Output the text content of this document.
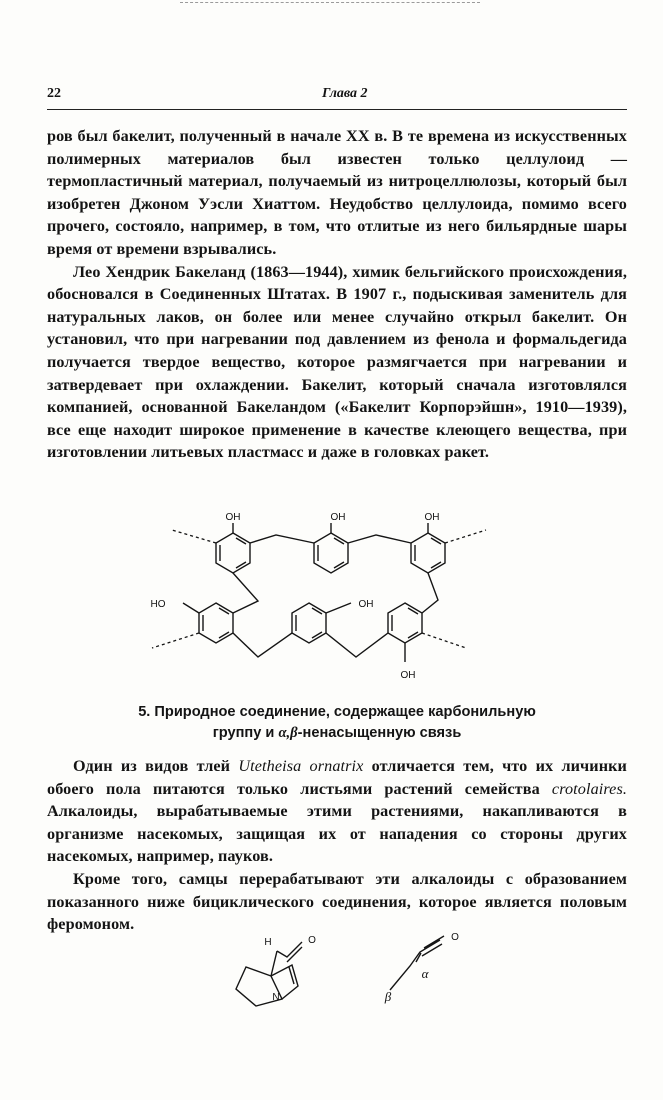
22	Глава 2

ров был бакелит, полученный в начале XX в. В те времена из искусственных полимерных материалов был известен только целлулоид — термопластичный материал, получаемый из нитроцеллюлозы, который был изобретен Джоном Уэсли Хиаттом. Неудобство целлулоида, помимо всего прочего, состояло, например, в том, что отлитые из него бильярдные шары время от времени взрывались.

Лео Хендрик Бакеланд (1863—1944), химик бельгийского происхождения, обосновался в Соединенных Штатах. В 1907 г., подыскивая заменитель для натуральных лаков, он более или менее случайно открыл бакелит. Он установил, что при нагревании под давлением из фенола и формальдегида получается твердое вещество, которое размягчается при нагревании и затвердевает при охлаждении. Бакелит, который сначала изготовлялся компанией, основанной Бакеландом («Бакелит Корпорэйшн», 1910—1939), все еще находит широкое применение в качестве клеющего вещества, при изготовлении литьевых пластмасс и даже в головках ракет.

OH	OH	OH
HO	OH
OH
5. Природное соединение, содержащее карбонильную
группу и α,β-ненасыщенную связь

Один из видов тлей Utetheisa ornatrix отличается тем, что их личинки обоего пола питаются только листьями растений семейства crotolaires. Алкалоиды, вырабатываемые этими растениями, накапливаются в организме насекомых, защищая их от нападения со стороны других насекомых, например, пауков.

Кроме того, самцы перерабатывают эти алкалоиды с образованием показанного ниже бициклического соединения, которое является половым феромоном.

H	O
N
O
α
β
